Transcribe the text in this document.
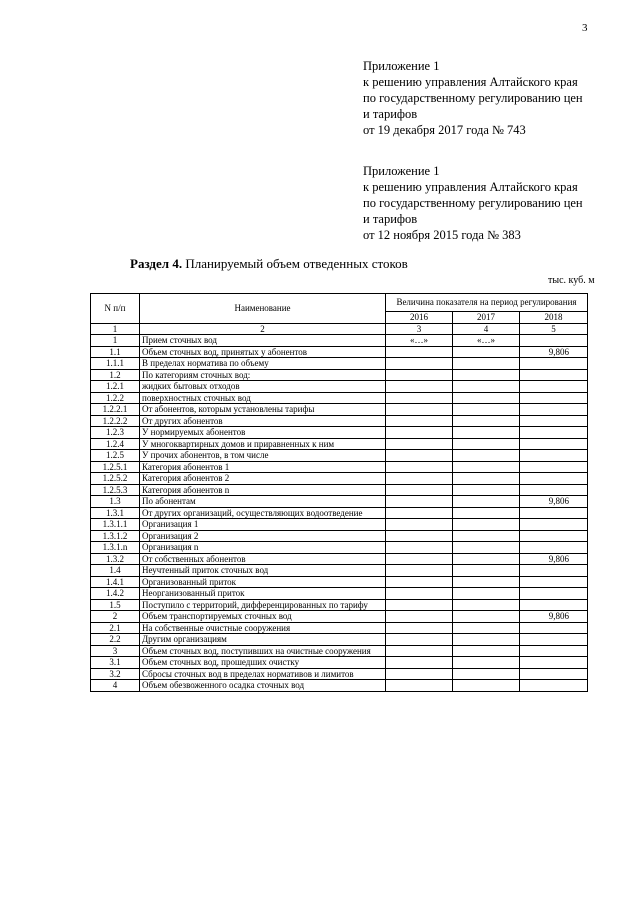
3
Приложение 1
к решению управления Алтайского края
по государственному регулированию цен
и тарифов
от 19 декабря 2017 года № 743
Приложение 1
к решению управления Алтайского края
по государственному регулированию цен
и тарифов
от 12 ноября 2015 года № 383
Раздел 4. Планируемый объем отведенных стоков
тыс. куб. м
N п/п	Наименование	Величина показателя на период регулирования		
		2016	2017	2018
1	2	3	4	5
1	Прием сточных вод	«…»	«…»	
1.1	Объем сточных вод, принятых у абонентов			9,806
1.1.1	В пределах норматива по объему			
1.2	По категориям сточных вод:			
1.2.1	жидких бытовых отходов			
1.2.2	поверхностных сточных вод			
1.2.2.1	От абонентов, которым установлены тарифы			
1.2.2.2	От других абонентов			
1.2.3	У нормируемых абонентов			
1.2.4	У многоквартирных домов и приравненных к ним			
1.2.5	У прочих абонентов, в том числе			
1.2.5.1	Категория абонентов 1			
1.2.5.2	Категория абонентов 2			
1.2.5.3	Категория абонентов n			
1.3	По абонентам			9,806
1.3.1	От других организаций, осуществляющих водоотведение			
1.3.1.1	Организация 1			
1.3.1.2	Организация 2			
1.3.1.n	Организация n			
1.3.2	От собственных абонентов			9,806
1.4	Неучтенный приток сточных вод			
1.4.1	Организованный приток			
1.4.2	Неорганизованный приток			
1.5	Поступило с территорий, дифференцированных по тарифу			
2	Объем транспортируемых сточных вод			9,806
2.1	На собственные очистные сооружения			
2.2	Другим организациям			
3	Объем сточных вод, поступивших на очистные сооружения			
3.1	Объем сточных вод, прошедших очистку			
3.2	Сбросы сточных вод в пределах нормативов и лимитов			
4	Объем обезвоженного осадка сточных вод			
